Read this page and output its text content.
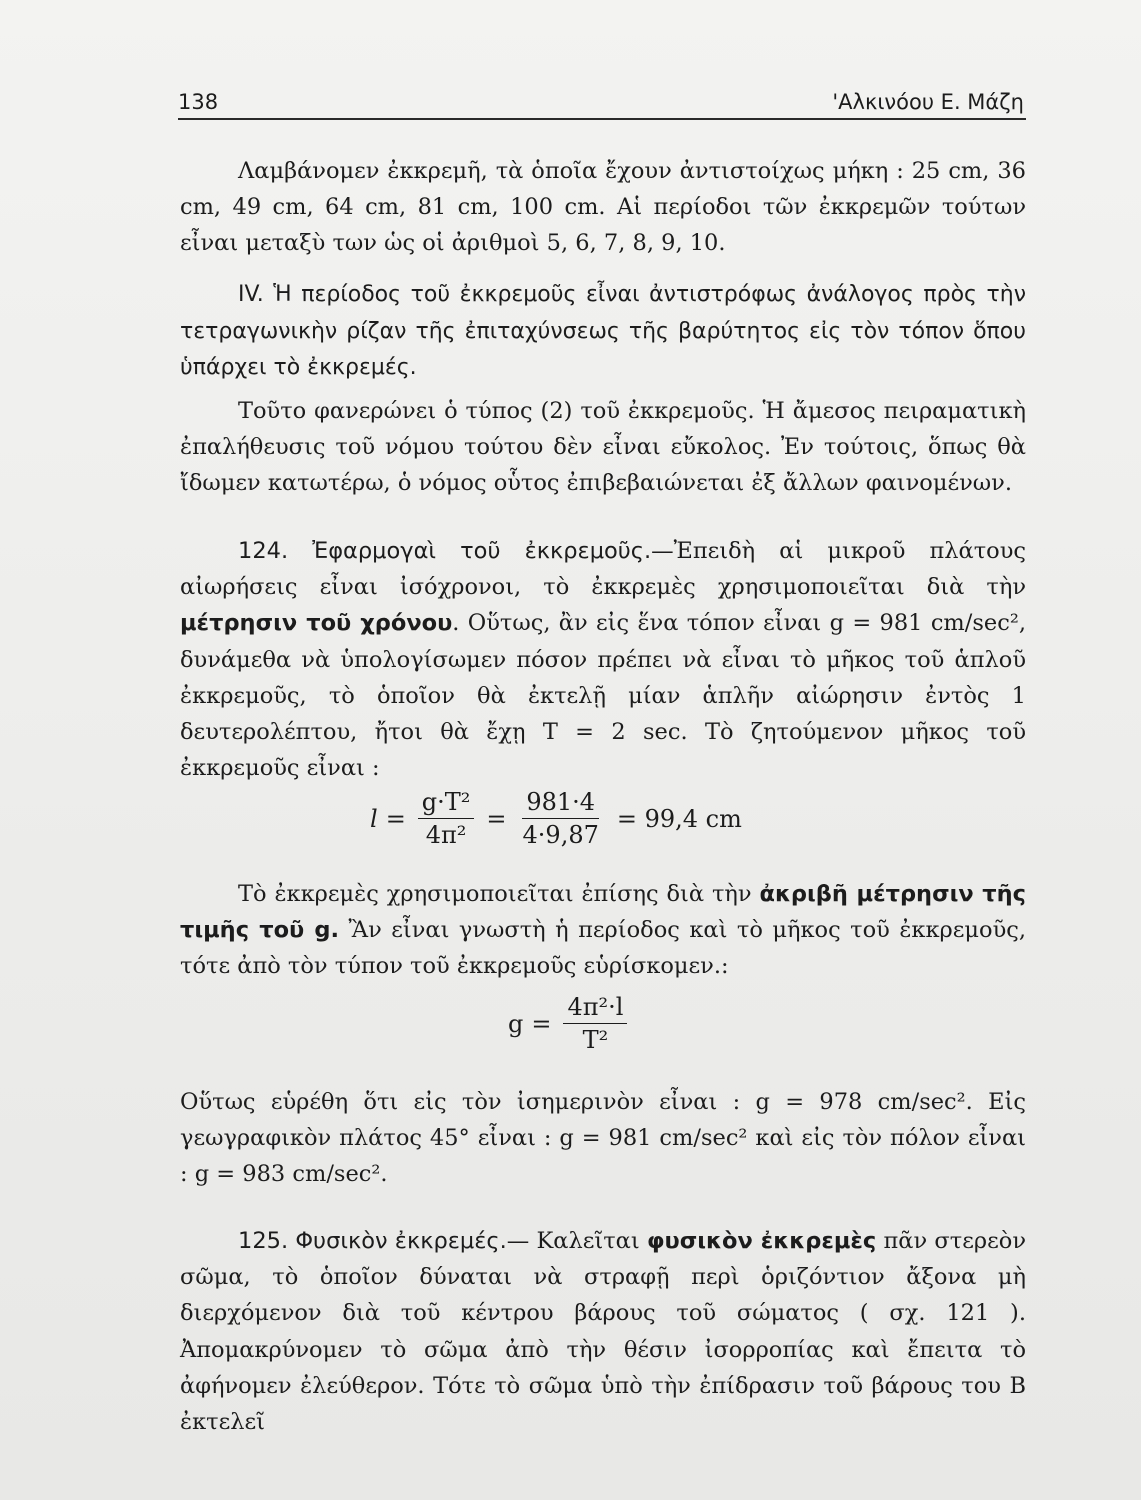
138	'Αλκινόου Ε. Μάζη

Λαμβάνομεν ἐκκρεμῆ, τὰ ὁποῖα ἔχουν ἀντιστοίχως μήκη : 25 cm, 36 cm, 49 cm, 64 cm, 81 cm, 100 cm. Αἱ περίοδοι τῶν ἐκκρεμῶν τούτων εἶναι μεταξὺ των ὡς οἱ ἀριθμοὶ 5, 6, 7, 8, 9, 10.

IV. Ἡ περίοδος τοῦ ἐκκρεμοῦς εἶναι ἀντιστρόφως ἀνάλογος πρὸς τὴν τετραγωνικὴν ρίζαν τῆς ἐπιταχύνσεως τῆς βαρύτητος εἰς τὸν τόπον ὅπου ὑπάρχει τὸ ἐκκρεμές.

Τοῦτο φανερώνει ὁ τύπος (2) τοῦ ἐκκρεμοῦς. Ἡ ἄμεσος πειραματικὴ ἐπαλήθευσις τοῦ νόμου τούτου δὲν εἶναι εὔκολος. Ἐν τούτοις, ὅπως θὰ ἴδωμεν κατωτέρω, ὁ νόμος οὗτος ἐπιβεβαιώνεται ἐξ ἄλλων φαινομένων.

124. Ἐφαρμογαὶ τοῦ ἐκκρεμοῦς.—Ἐπειδὴ αἱ μικροῦ πλάτους αἰωρήσεις εἶναι ἰσόχρονοι, τὸ ἐκκρεμὲς χρησιμοποιεῖται διὰ τὴν μέτρησιν τοῦ χρόνου. Οὕτως, ἂν εἰς ἕνα τόπον εἶναι g = 981 cm/sec², δυνάμεθα νὰ ὑπολογίσωμεν πόσον πρέπει νὰ εἶναι τὸ μῆκος τοῦ ἁπλοῦ ἐκκρεμοῦς, τὸ ὁποῖον θὰ ἐκτελῇ μίαν ἁπλῆν αἰώρησιν ἐντὸς 1 δευτερολέπτου, ἤτοι θὰ ἔχῃ T = 2 sec. Τὸ ζητούμενον μῆκος τοῦ ἐκκρεμοῦς εἶναι :

$l = \frac{\text{g·T²}}{\text{4π²}} = \frac{981\cdot 4}{4\cdot 9,87} = 99,4$ cm

Τὸ ἐκκρεμὲς χρησιμοποιεῖται ἐπίσης διὰ τὴν ἀκριβῆ μέτρησιν τῆς τιμῆς τοῦ g. Ἂν εἶναι γνωστὴ ἡ περίοδος καὶ τὸ μῆκος τοῦ ἐκκρεμοῦς, τότε ἀπὸ τὸν τύπον τοῦ ἐκκρεμοῦς εὑρίσκομεν.:

$g = \frac{\text{4π²·l}}{\text{T²}}$

Οὕτως εὑρέθη ὅτι εἰς τὸν ἰσημερινὸν εἶναι : g = 978 cm/sec². Εἰς γεωγραφικὸν πλάτος 45° εἶναι : g = 981 cm/sec² καὶ εἰς τὸν πόλον εἶναι : g = 983 cm/sec².

125. Φυσικὸν ἐκκρεμές.— Καλεῖται φυσικὸν ἐκκρεμὲς πᾶν στερεὸν σῶμα, τὸ ὁποῖον δύναται νὰ στραφῇ περὶ ὁριζόντιον ἄξονα μὴ διερχόμενον διὰ τοῦ κέντρου βάρους τοῦ σώματος ( σχ. 121 ). Ἀπομακρύνομεν τὸ σῶμα ἀπὸ τὴν θέσιν ἰσορροπίας καὶ ἔπειτα τὸ ἀφήνομεν ἐλεύθερον. Τότε τὸ σῶμα ὑπὸ τὴν ἐπίδρασιν τοῦ βάρους του B ἐκτελεῖ
